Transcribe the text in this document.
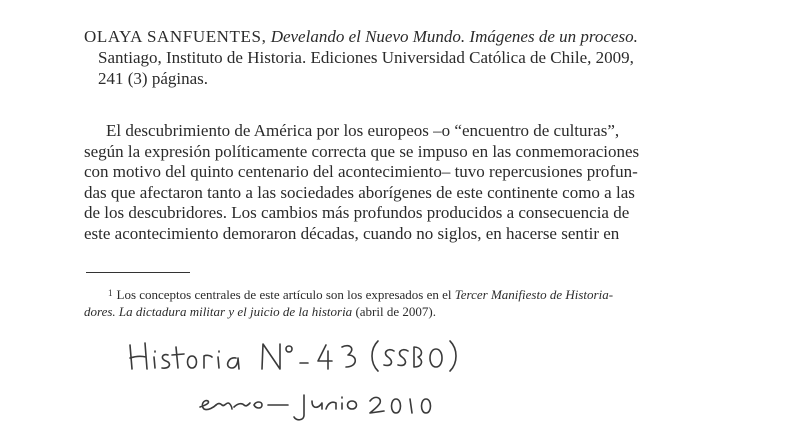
OLAYA SANFUENTES, Develando el Nuevo Mundo. Imágenes de un proceso.
Santiago, Instituto de Historia. Ediciones Universidad Católica de Chile, 2009,
241 (3) páginas.
El descubrimiento de América por los europeos –o “encuentro de culturas”,
según la expresión políticamente correcta que se impuso en las conmemoraciones
con motivo del quinto centenario del acontecimiento– tuvo repercusiones profun-
das que afectaron tanto a las sociedades aborígenes de este continente como a las
de los descubridores. Los cambios más profundos producidos a consecuencia de
este acontecimiento demoraron décadas, cuando no siglos, en hacerse sentir en
$^1$ Los conceptos centrales de este artículo son los expresados en el Tercer Manifiesto de Historia-
dores. La dictadura militar y el juicio de la historia (abril de 2007).
